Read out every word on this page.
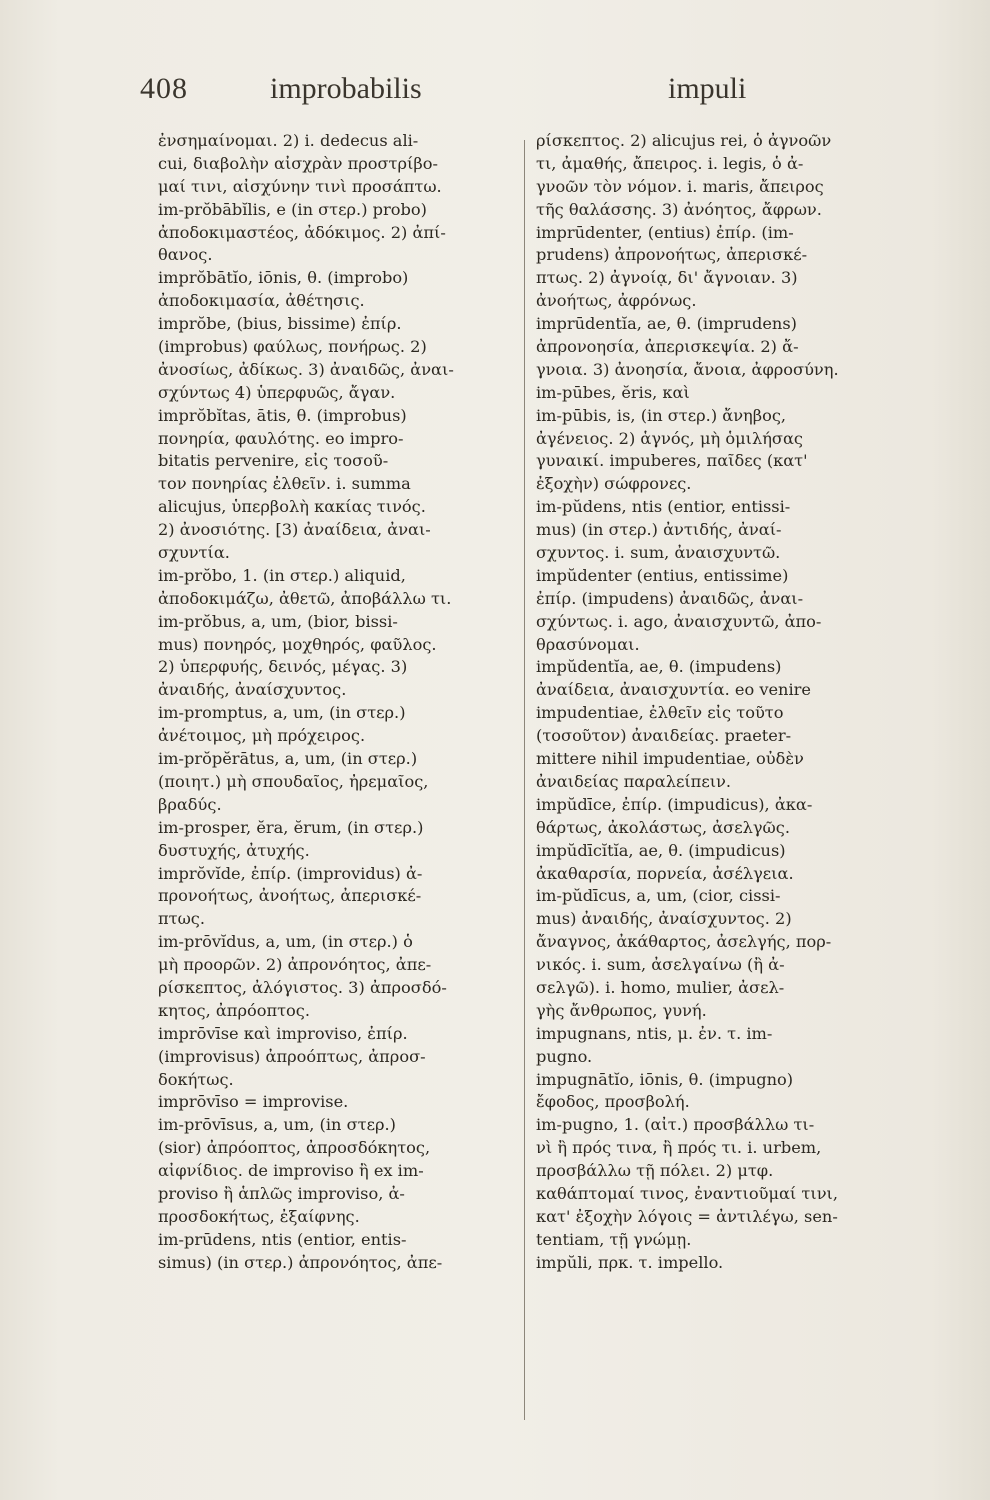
408	improbabilis	impuli
ἐνσημαίνομαι. 2) i. dedecus ali-
cui, διαβολὴν αἰσχρὰν προστρίβο-
μαί τινι, αἰσχύνην τινὶ προσάπτω.
im-prŏbābĭlis, e (in στερ.) probo)
ἀποδοκιμαστέος, ἀδόκιμος. 2) ἀπί-
θανος.
imprŏbātĭo, iōnis, θ. (improbo)
ἀποδοκιμασία, ἀθέτησις.
imprŏbe, (bius, bissime) ἐπίρ.
(improbus) φαύλως, πονήρως. 2)
ἀνοσίως, ἀδίκως. 3) ἀναιδῶς, ἀναι-
σχύντως 4) ὑπερφυῶς, ἄγαν.
imprŏbĭtas, ātis, θ. (improbus)
πονηρία, φαυλότης. eo impro-
bitatis pervenire, εἰς τοσοῦ-
τον πονηρίας ἐλθεῖν. i. summa
alicujus, ὑπερβολὴ κακίας τινός.
2) ἀνοσιότης. [3) ἀναίδεια, ἀναι-
σχυντία.
im-prŏbo, 1. (in στερ.) aliquid,
ἀποδοκιμάζω, ἀθετῶ, ἀποβάλλω τι.
im-prŏbus, a, um, (bior, bissi-
mus) πονηρός, μοχθηρός, φαῦλος.
2) ὑπερφυής, δεινός, μέγας. 3)
ἀναιδής, ἀναίσχυντος.
im-promptus, a, um, (in στερ.)
ἀνέτοιμος, μὴ πρόχειρος.
im-prŏpĕrātus, a, um, (in στερ.)
(ποιητ.) μὴ σπουδαῖος, ἠρεμαῖος,
βραδύς.
im-prosper, ĕra, ĕrum, (in στερ.)
δυστυχής, ἀτυχής.
imprŏvĭde, ἐπίρ. (improvidus) ἀ-
προνοήτως, ἀνοήτως, ἀπερισκέ-
πτως.
im-prōvĭdus, a, um, (in στερ.) ὁ
μὴ προορῶν. 2) ἀπρονόητος, ἀπε-
ρίσκεπτος, ἀλόγιστος. 3) ἀπροσδό-
κητος, ἀπρόοπτος.
imprōvīse καὶ improviso, ἐπίρ.
(improvisus) ἀπροόπτως, ἀπροσ-
δοκήτως.
imprōvīso = improvise.
im-prōvīsus, a, um, (in στερ.)
(sior) ἀπρόοπτος, ἀπροσδόκητος,
αἰφνίδιος. de improviso ἢ ex im-
proviso ἢ ἁπλῶς improviso, ἀ-
προσδοκήτως, ἐξαίφνης.
im-prūdens, ntis (entior, entis-
simus) (in στερ.) ἀπρονόητος, ἀπε-
ρίσκεπτος. 2) alicujus rei, ὁ ἀγνοῶν
τι, ἀμαθής, ἄπειρος. i. legis, ὁ ἀ-
γνοῶν τὸν νόμον. i. maris, ἄπειρος
τῆς θαλάσσης. 3) ἀνόητος, ἄφρων.
imprūdenter, (entius) ἐπίρ. (im-
prudens) ἀπρονοήτως, ἀπερισκέ-
πτως. 2) ἀγνοίᾳ, δι' ἄγνοιαν. 3)
ἀνοήτως, ἀφρόνως.
imprūdentĭa, ae, θ. (imprudens)
ἀπρονοησία, ἀπερισκεψία. 2) ἄ-
γνοια. 3) ἀνοησία, ἄνοια, ἀφροσύνη.
im-pūbes, ĕris, καὶ
im-pūbis, is, (in στερ.) ἄνηβος,
ἀγένειος. 2) ἁγνός, μὴ ὁμιλήσας
γυναικί. impuberes, παῖδες (κατ'
ἐξοχὴν) σώφρονες.
im-pŭdens, ntis (entior, entissi-
mus) (in στερ.) ἀντιδής, ἀναί-
σχυντος. i. sum, ἀναισχυντῶ.
impŭdenter (entius, entissime)
ἐπίρ. (impudens) ἀναιδῶς, ἀναι-
σχύντως. i. ago, ἀναισχυντῶ, ἀπο-
θρασύνομαι.
impŭdentĭa, ae, θ. (impudens)
ἀναίδεια, ἀναισχυντία. eo venire
impudentiae, ἐλθεῖν εἰς τοῦτο
(τοσοῦτον) ἀναιδείας. praeter-
mittere nihil impudentiae, οὐδὲν
ἀναιδείας παραλείπειν.
impŭdīce, ἐπίρ. (impudicus), ἀκα-
θάρτως, ἀκολάστως, ἀσελγῶς.
impŭdīcĭtĭa, ae, θ. (impudicus)
ἀκαθαρσία, πορνεία, ἀσέλγεια.
im-pŭdīcus, a, um, (cior, cissi-
mus) ἀναιδής, ἀναίσχυντος. 2)
ἄναγνος, ἀκάθαρτος, ἀσελγής, πορ-
νικός. i. sum, ἀσελγαίνω (ἢ ἀ-
σελγῶ). i. homo, mulier, ἀσελ-
γὴς ἄνθρωπος, γυνή.
impugnans, ntis, μ. ἐν. τ. im-
pugno.
impugnātĭo, iōnis, θ. (impugno)
ἔφοδος, προσβολή.
im-pugno, 1. (αἰτ.) προσβάλλω τι-
νὶ ἢ πρός τινα, ἢ πρός τι. i. urbem,
προσβάλλω τῇ πόλει. 2) μτφ.
καθάπτομαί τινος, ἐναντιοῦμαί τινι,
κατ' ἐξοχὴν λόγοις = ἀντιλέγω, sen-
tentiam, τῇ γνώμῃ.
impŭli, πρκ. τ. impello.
